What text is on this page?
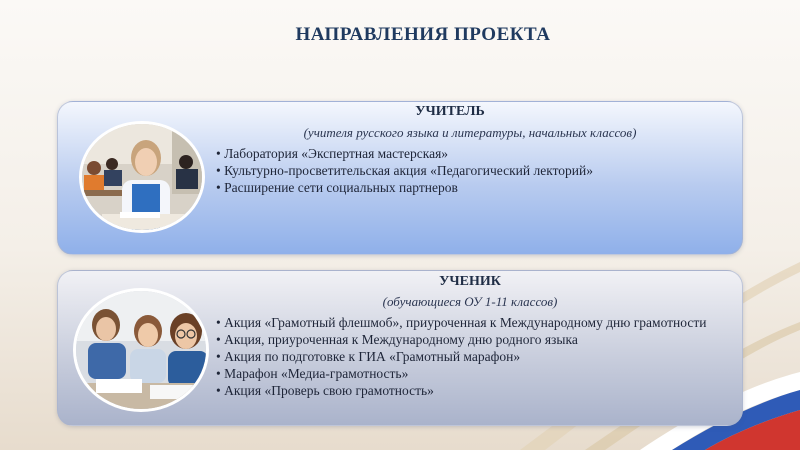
НАПРАВЛЕНИЯ ПРОЕКТА
УЧИТЕЛЬ
(учителя русского языка и литературы, начальных классов)
• Лаборатория «Экспертная мастерская»
• Культурно-просветительская акция «Педагогический лекторий»
• Расширение сети социальных партнеров
УЧЕНИК
(обучающиеся ОУ 1-11 классов)
• Акция «Грамотный флешмоб», приуроченная к Международному дню грамотности
• Акция, приуроченная к Международному дню родного языка
• Акция по подготовке к ГИА «Грамотный марафон»
• Марафон «Медиа-грамотность»
• Акция «Проверь свою грамотность»
